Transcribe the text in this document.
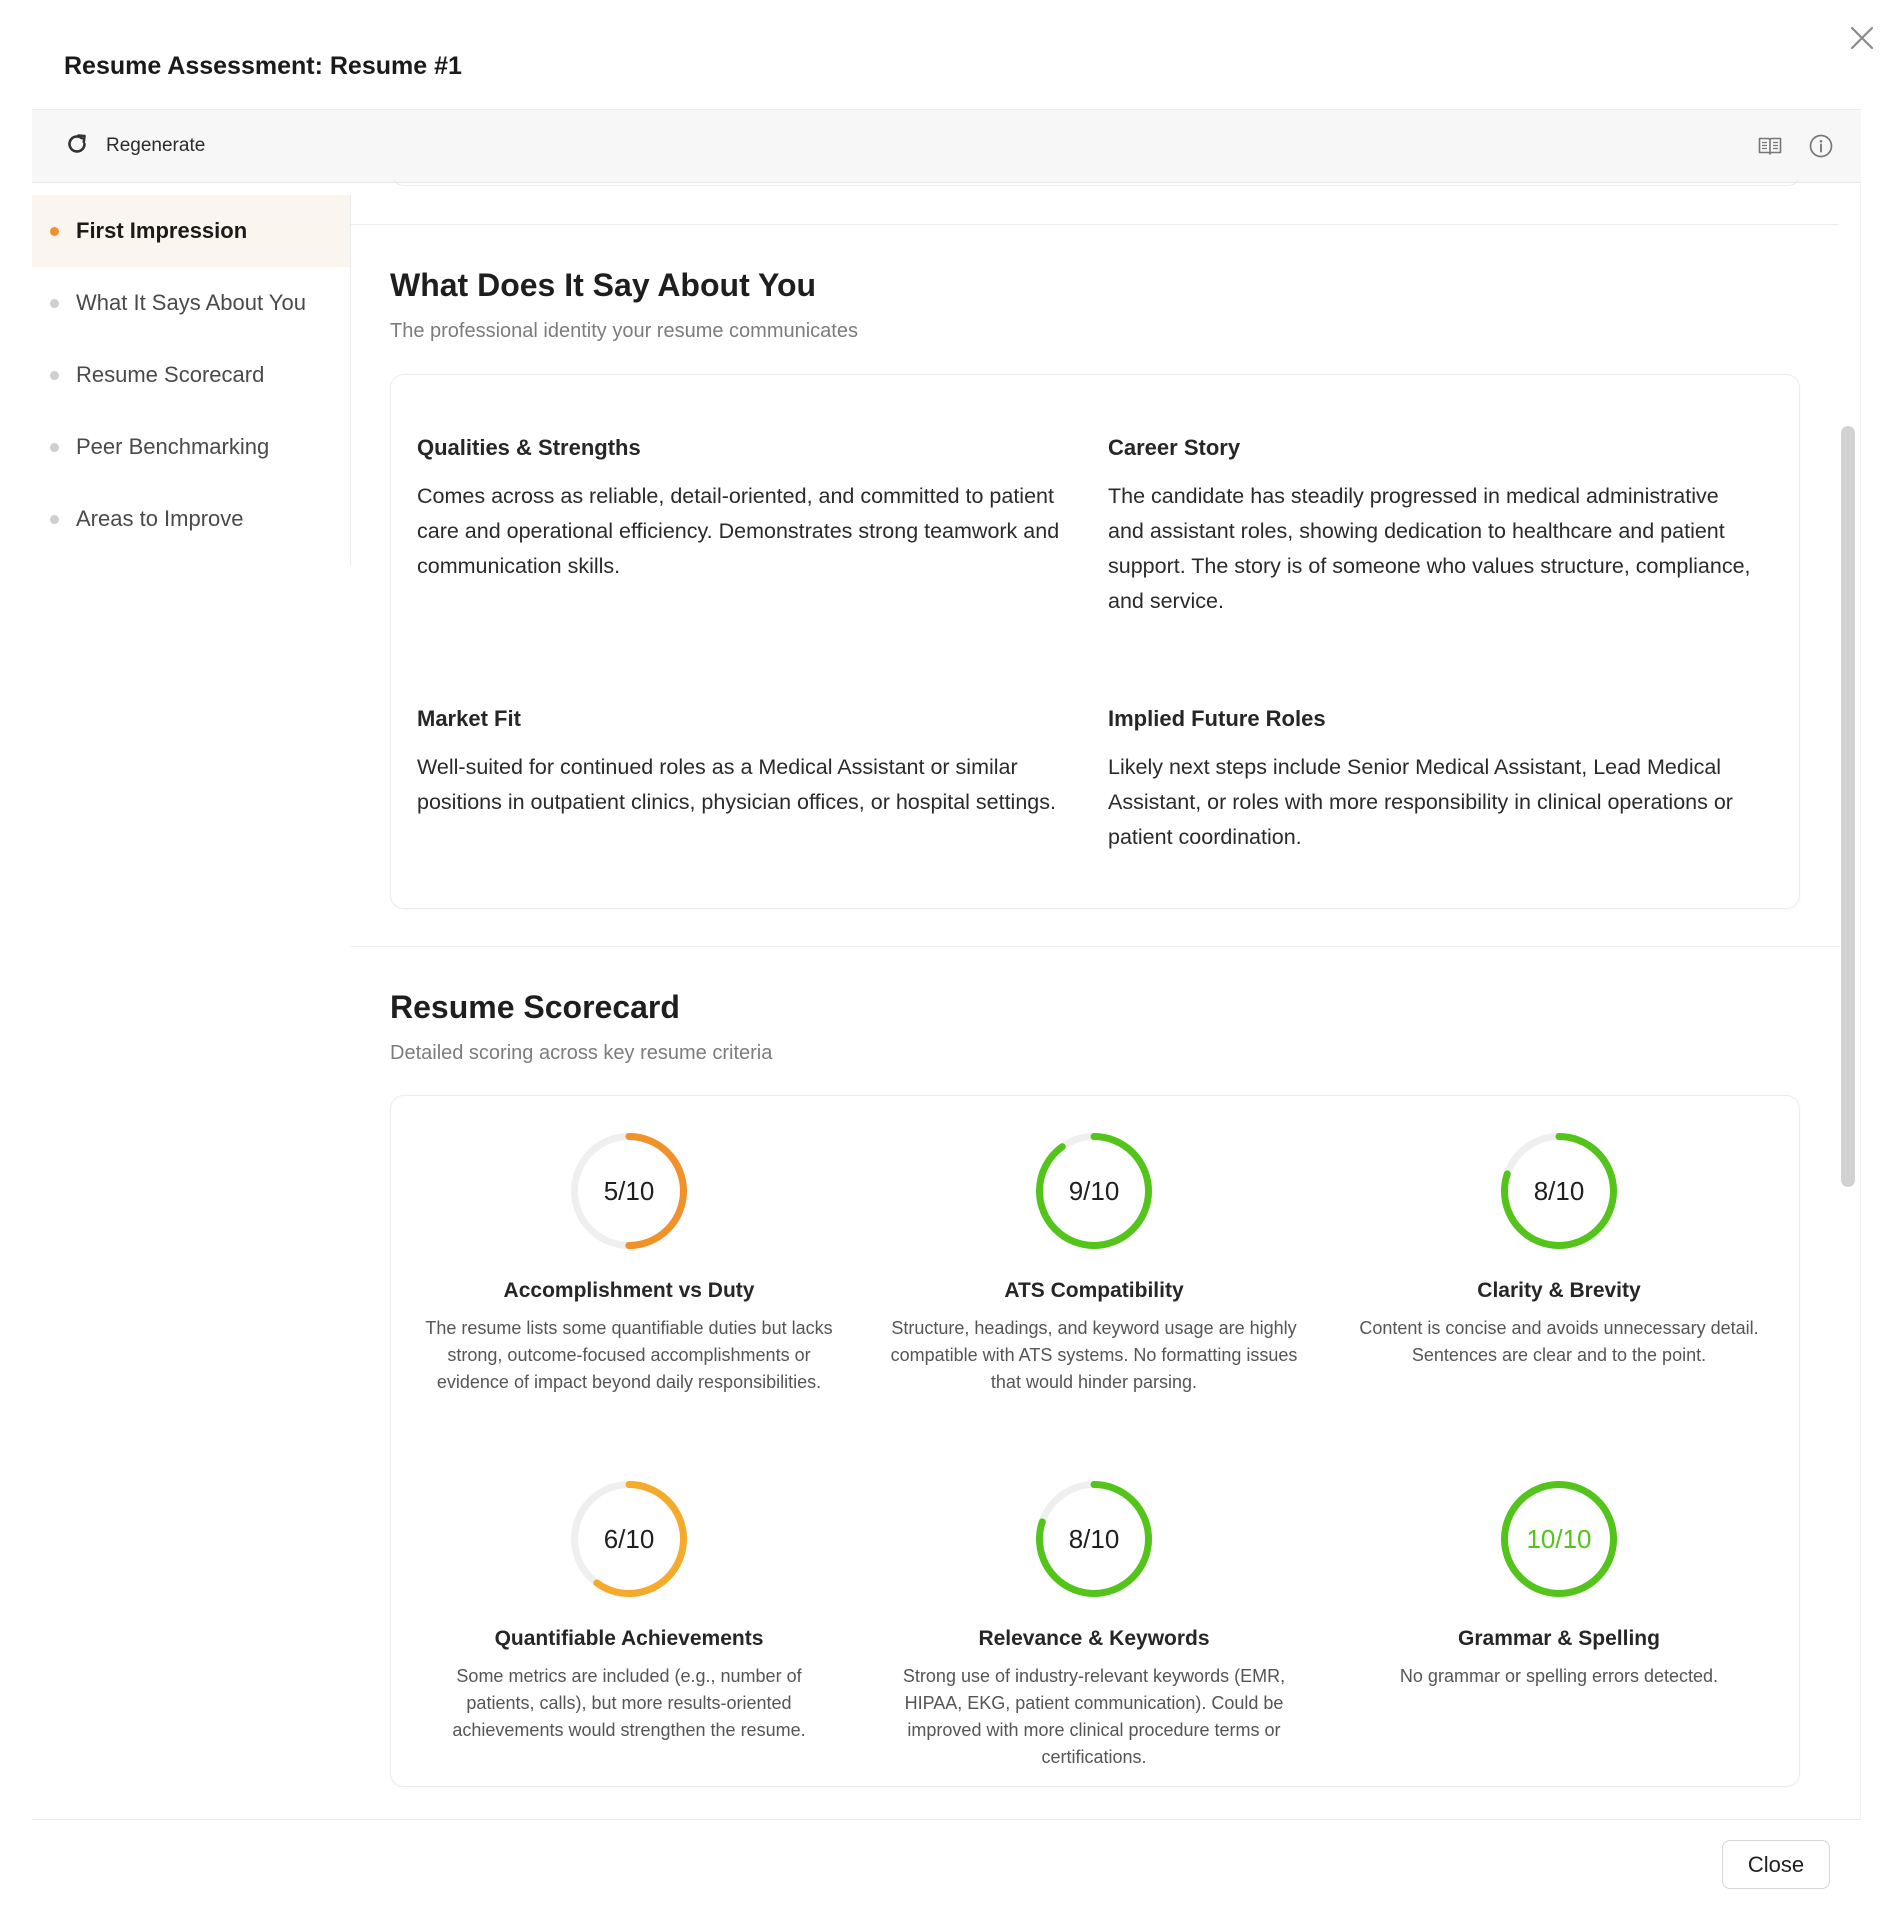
Resume Assessment: Resume #1
Regenerate
First Impression
What It Says About You
Resume Scorecard
Peer Benchmarking
Areas to Improve
What Does It Say About You
The professional identity your resume communicates
Qualities & Strengths

Comes across as reliable, detail-oriented, and committed to patient care and operational efficiency. Demonstrates strong teamwork and communication skills.

Career Story

The candidate has steadily progressed in medical administrative and assistant roles, showing dedication to healthcare and patient support. The story is of someone who values structure, compliance, and service.

Market Fit

Well-suited for continued roles as a Medical Assistant or similar positions in outpatient clinics, physician offices, or hospital settings.

Implied Future Roles

Likely next steps include Senior Medical Assistant, Lead Medical Assistant, or roles with more responsibility in clinical operations or patient coordination.

Resume Scorecard
Detailed scoring across key resume criteria
5/10
Accomplishment vs Duty

The resume lists some quantifiable duties but lacks strong, outcome-focused accomplishments or evidence of impact beyond daily responsibilities.

9/10
ATS Compatibility

Structure, headings, and keyword usage are highly compatible with ATS systems. No formatting issues that would hinder parsing.

8/10
Clarity & Brevity

Content is concise and avoids unnecessary detail. Sentences are clear and to the point.

6/10
Quantifiable Achievements

Some metrics are included (e.g., number of patients, calls), but more results-oriented achievements would strengthen the resume.

8/10
Relevance & Keywords

Strong use of industry-relevant keywords (EMR, HIPAA, EKG, patient communication). Could be improved with more clinical procedure terms or certifications.

10/10
Grammar & Spelling

No grammar or spelling errors detected.

Close
